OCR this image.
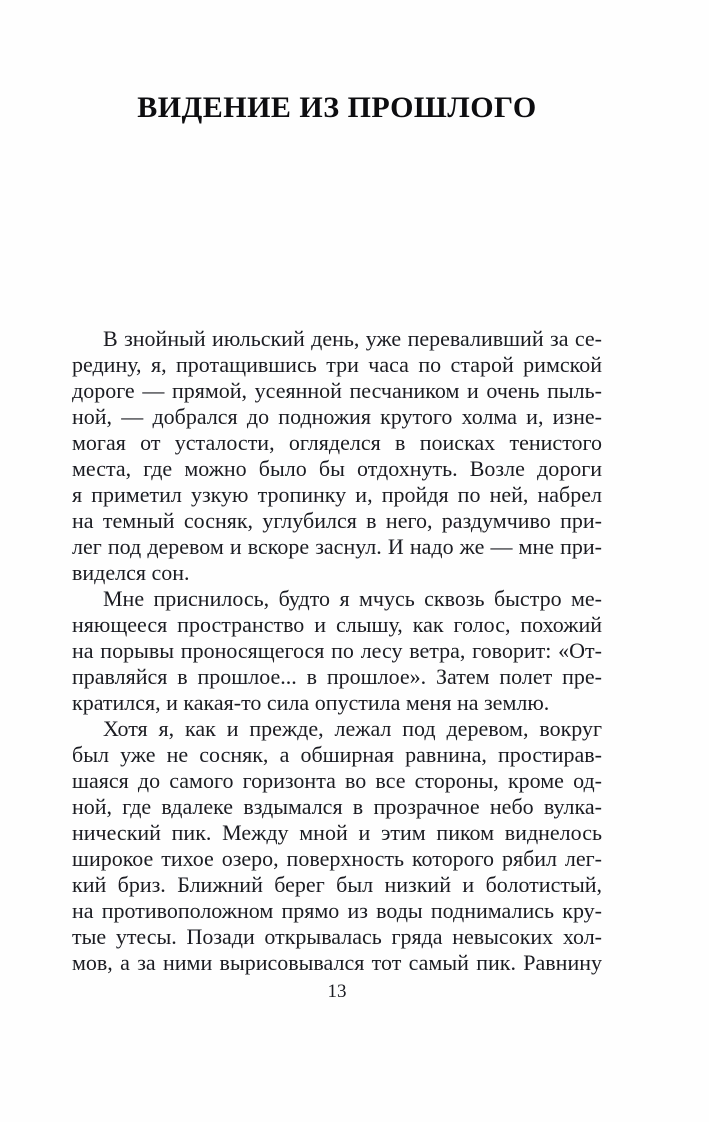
ВИДЕНИЕ ИЗ ПРОШЛОГО
В знойный июльский день, уже переваливший за се-
редину, я, протащившись три часа по старой римской
дороге — прямой, усеянной песчаником и очень пыль-
ной, — добрался до подножия крутого холма и, изне-
могая от усталости, огляделся в поисках тенистого
места, где можно было бы отдохнуть. Возле дороги
я приметил узкую тропинку и, пройдя по ней, набрел
на темный сосняк, углубился в него, раздумчиво при-
лег под деревом и вскоре заснул. И надо же — мне при-
виделся сон.
Мне приснилось, будто я мчусь сквозь быстро ме-
няющееся пространство и слышу, как голос, похожий
на порывы проносящегося по лесу ветра, говорит: «От-
правляйся в прошлое... в прошлое». Затем полет пре-
кратился, и какая-то сила опустила меня на землю.
Хотя я, как и прежде, лежал под деревом, вокруг
был уже не сосняк, а обширная равнина, простирав-
шаяся до самого горизонта во все стороны, кроме од-
ной, где вдалеке вздымался в прозрачное небо вулка-
нический пик. Между мной и этим пиком виднелось
широкое тихое озеро, поверхность которого рябил лег-
кий бриз. Ближний берег был низкий и болотистый,
на противоположном прямо из воды поднимались кру-
тые утесы. Позади открывалась гряда невысоких хол-
мов, а за ними вырисовывался тот самый пик. Равнину
13
